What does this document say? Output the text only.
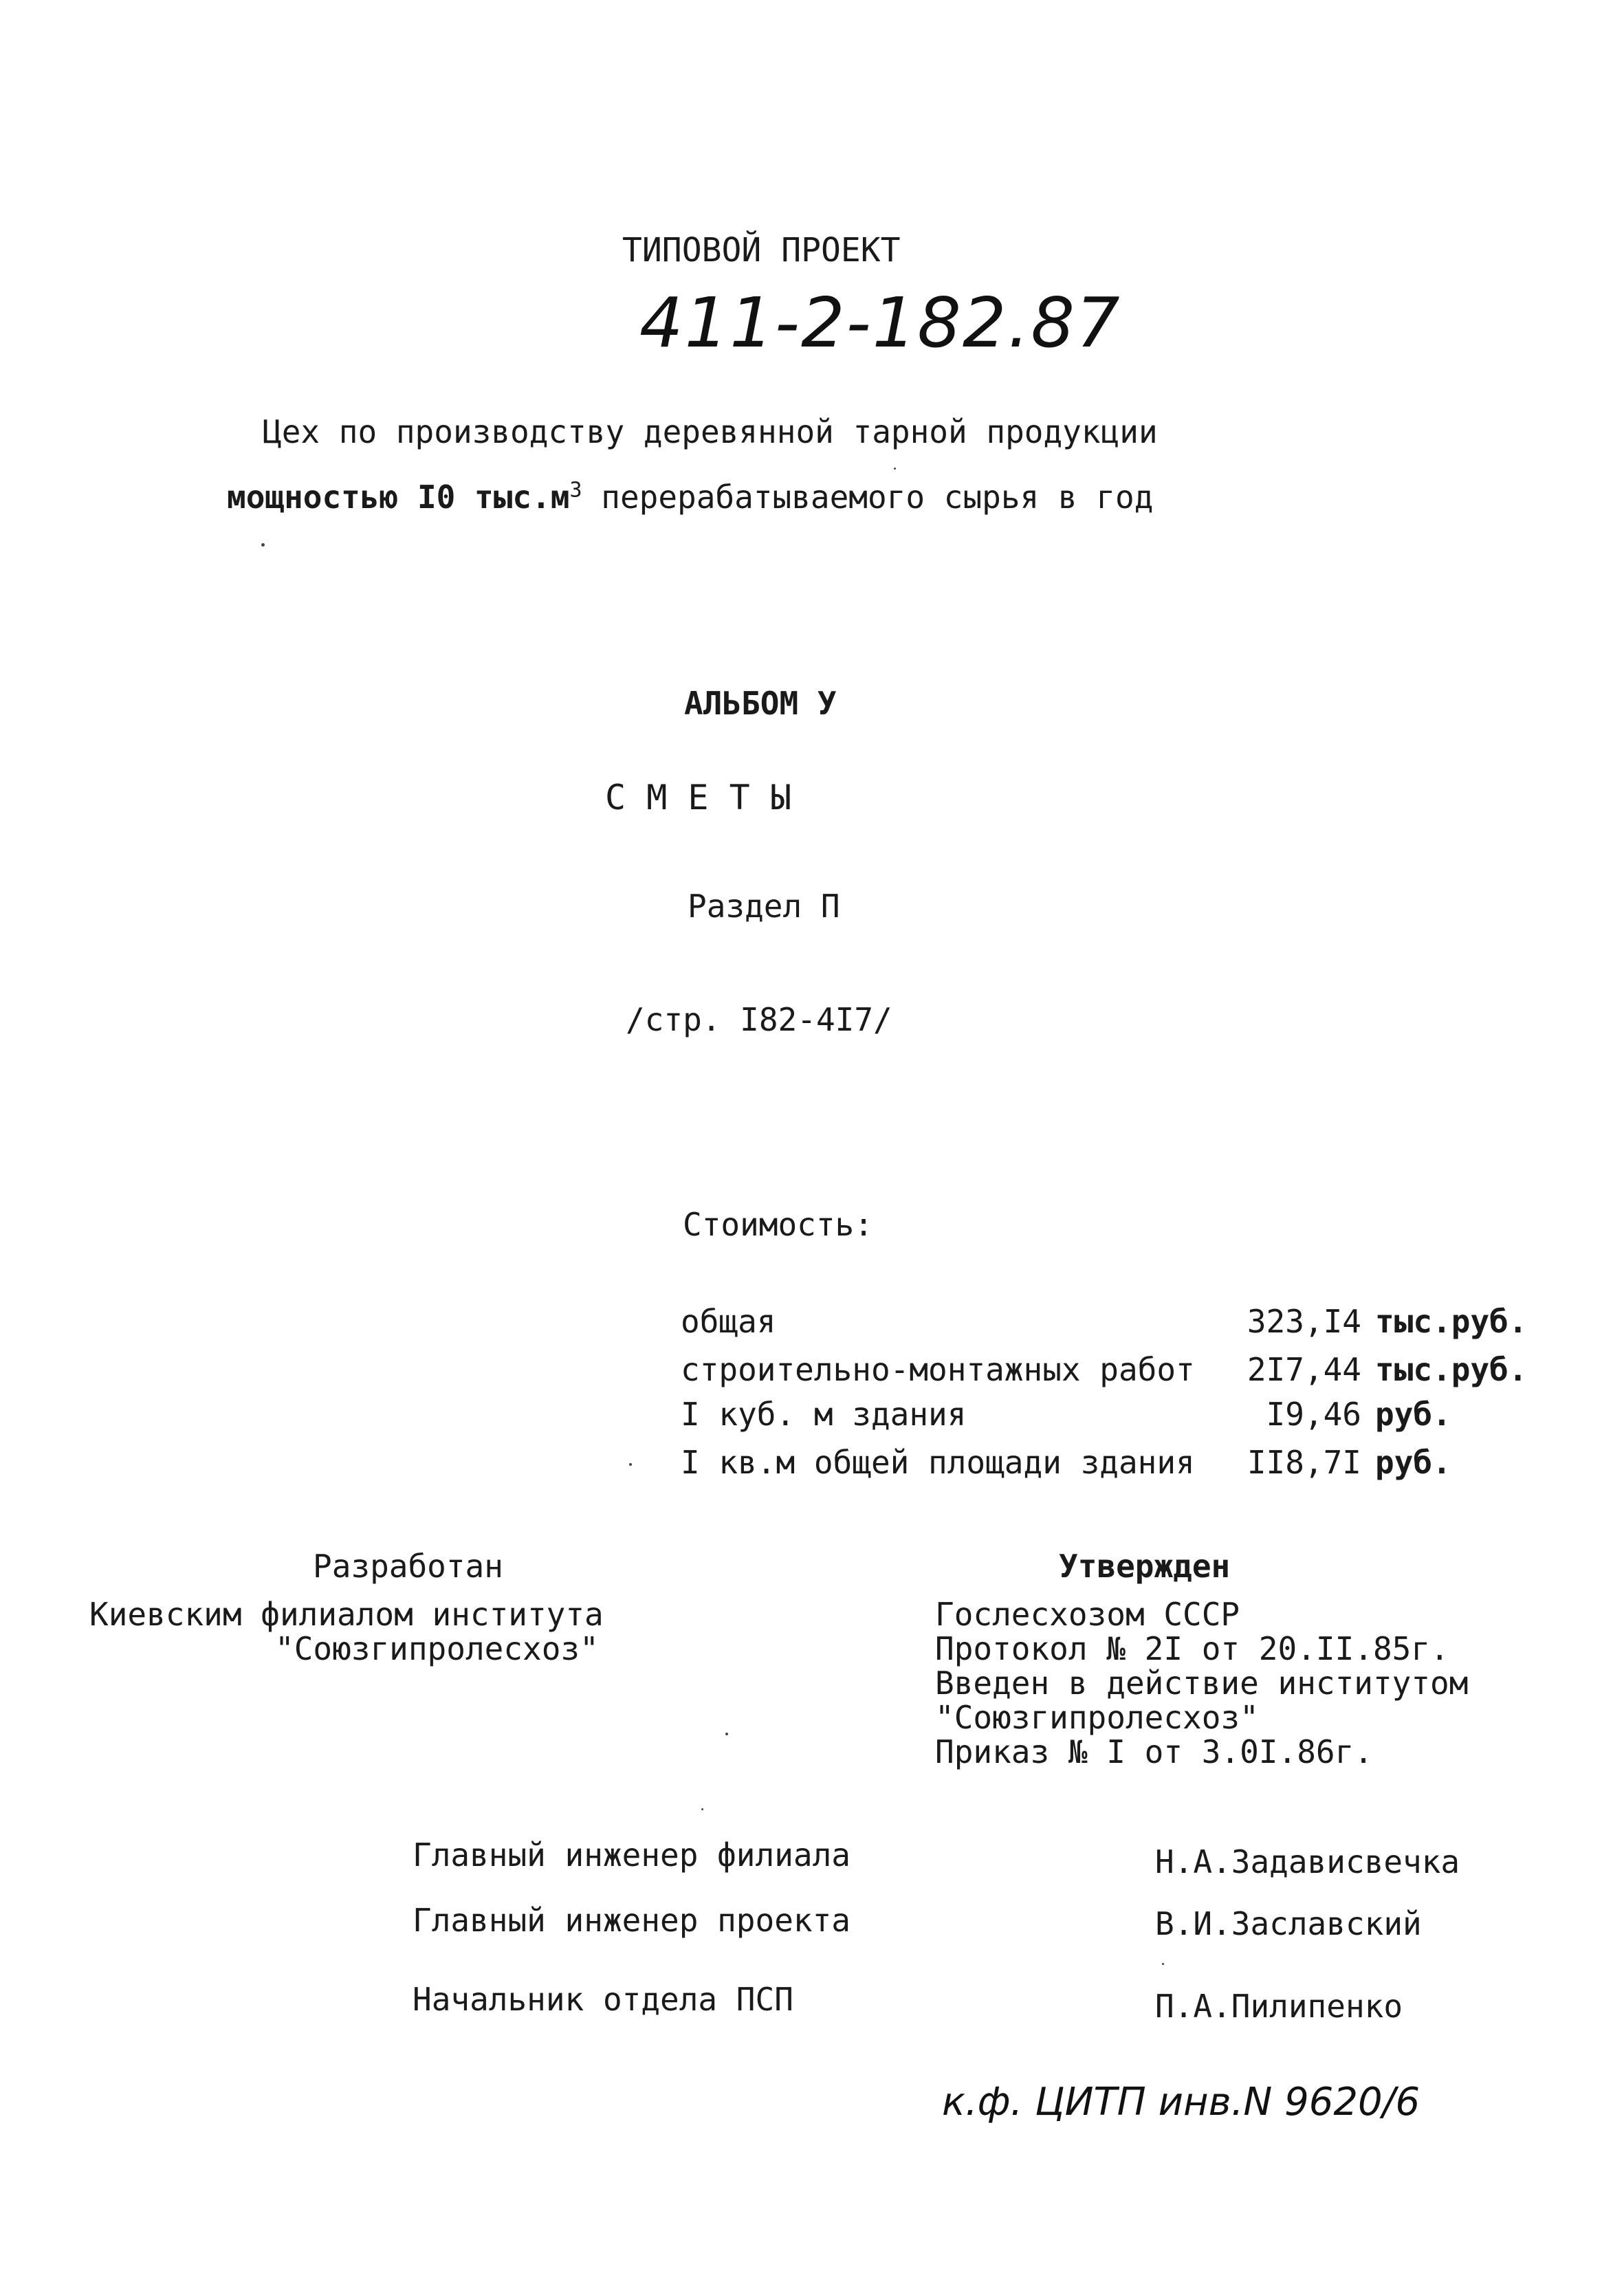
ТИПОВОЙ ПРОЕКТ
411-2-182.87
Цех по производству деревянной тарной продукции
мощностью I0 $тыс.м^3$ перерабатываемого сырья в год
АЛЬБОМ У
С М Е Т Ы
Раздел П
/стр. I82-4I7/
Стоимость:
общая	323,I4 тыс.руб.
строительно-монтажных работ 2I7,44 тыс.руб.
I куб. м здания	I9,46 руб.
I кв.м общей площади здания II8,7I руб.
Разработан
Киевским филиалом института
"Союзгипролесхоз"
Утвержден
Гослесхозом СССР
Протокол № 2I от 20.II.85г.
Введен в действие институтом
"Союзгипролесхоз"
Приказ № I от 3.0I.86г.
Главный инженер филиала	Н.А.Задависвечка
Главный инженер проекта	В.И.Заславский
Начальник отдела ПСП	П.А.Пилипенко
к.ф. ЦИТП инв.N 9620/6
